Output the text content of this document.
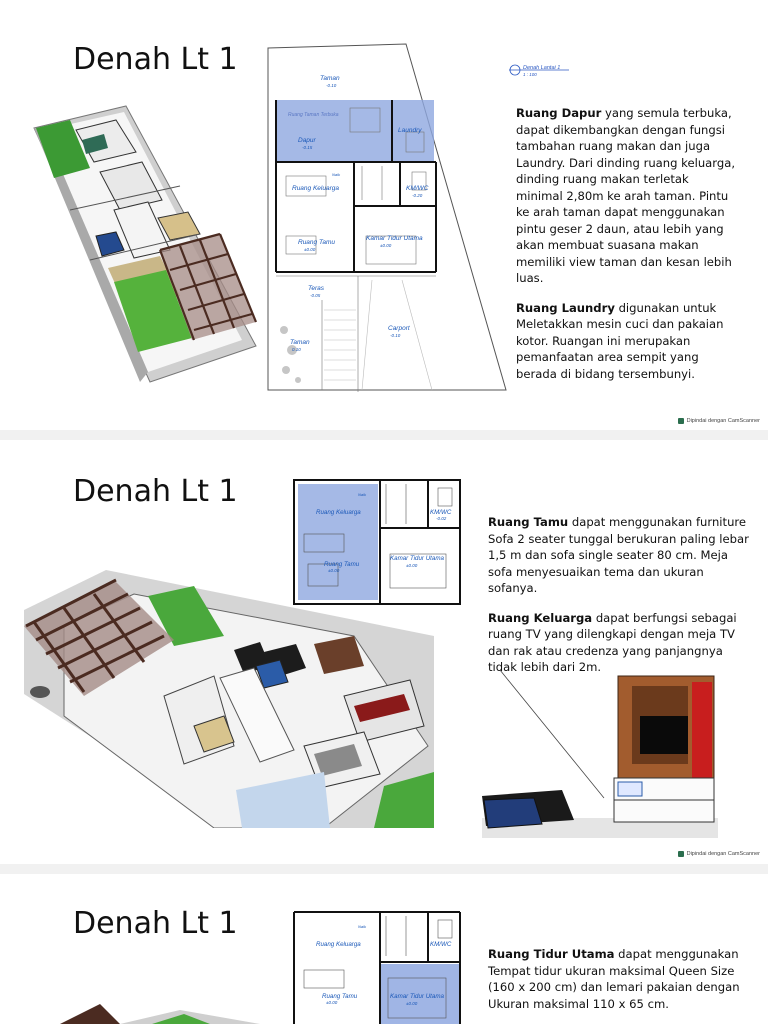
Denah Lt 1
Taman
-0.10
Dapur
-0.15
Laundry
Ruang Keluarga	KM/WC
-0.20
Ruang Tamu
±0.00
Kamar Tidur Utama
±0.00
Teras
-0.05
Taman
0.10
Carport
-0.10
Naik
Ruang Taman Terbuka
Denah Lantai 1
1 : 100

Ruang Dapur yang semula terbuka, dapat dikembangkan dengan fungsi tambahan ruang makan dan juga Laundry. Dari dinding ruang keluarga, dinding ruang makan terletak minimal 2,80m ke arah taman. Pintu ke arah taman dapat menggunakan pintu geser 2 daun, atau lebih yang akan membuat suasana makan memiliki view taman dan kesan lebih luas.

Ruang Laundry digunakan untuk Meletakkan mesin cuci dan pakaian kotor. Ruangan ini merupakan pemanfaatan area sempit yang berada di bidang tersembunyi.

Dipindai dengan CamScanner
Denah Lt 1
Ruang Keluarga	KM/WC
-0.02
Ruang Tamu
±0.00
Kamar Tidur Utama
±0.00
Naik

Ruang Tamu dapat menggunakan furniture Sofa 2 seater tunggal berukuran paling lebar 1,5 m dan sofa single seater 80 cm. Meja sofa menyesuaikan tema dan ukuran sofanya.

Ruang Keluarga dapat berfungsi sebagai ruang TV yang dilengkapi dengan meja TV dan rak atau credenza yang panjangnya tidak lebih dari 2m.

Dipindai dengan CamScanner
Denah Lt 1
Ruang Keluarga	KM/WC
Ruang Tamu
±0.00
Kamar Tidur Utama
±0.00
Naik

Ruang Tidur Utama dapat menggunakan Tempat tidur ukuran maksimal Queen Size (160 x 200 cm) dan lemari pakaian dengan Ukuran maksimal 110 x 65 cm.
